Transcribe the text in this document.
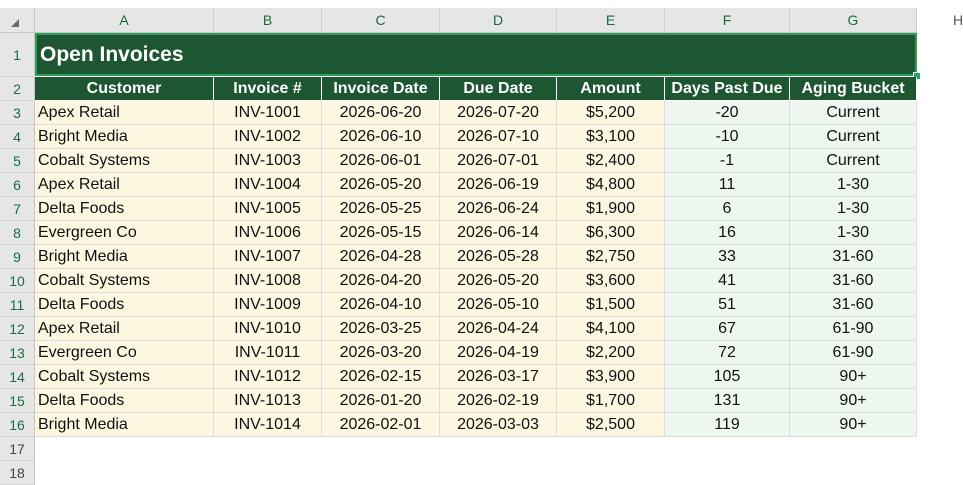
A	B	C	D	E	F	G	H
1
2
3
4
5
6
7
8
9
10
11
12
13
14
15
16
17
18
Open Invoices
Customer	Invoice #	Invoice Date	Due Date	Amount	Days Past Due	Aging Bucket
Apex Retail	INV-1001	2026-06-20	2026-07-20	$5,200	-20	Current
Bright Media	INV-1002	2026-06-10	2026-07-10	$3,100	-10	Current
Cobalt Systems	INV-1003	2026-06-01	2026-07-01	$2,400	-1	Current
Apex Retail	INV-1004	2026-05-20	2026-06-19	$4,800	11	1-30
Delta Foods	INV-1005	2026-05-25	2026-06-24	$1,900	6	1-30
Evergreen Co	INV-1006	2026-05-15	2026-06-14	$6,300	16	1-30
Bright Media	INV-1007	2026-04-28	2026-05-28	$2,750	33	31-60
Cobalt Systems	INV-1008	2026-04-20	2026-05-20	$3,600	41	31-60
Delta Foods	INV-1009	2026-04-10	2026-05-10	$1,500	51	31-60
Apex Retail	INV-1010	2026-03-25	2026-04-24	$4,100	67	61-90
Evergreen Co	INV-1011	2026-03-20	2026-04-19	$2,200	72	61-90
Cobalt Systems	INV-1012	2026-02-15	2026-03-17	$3,900	105	90+
Delta Foods	INV-1013	2026-01-20	2026-02-19	$1,700	131	90+
Bright Media	INV-1014	2026-02-01	2026-03-03	$2,500	119	90+
